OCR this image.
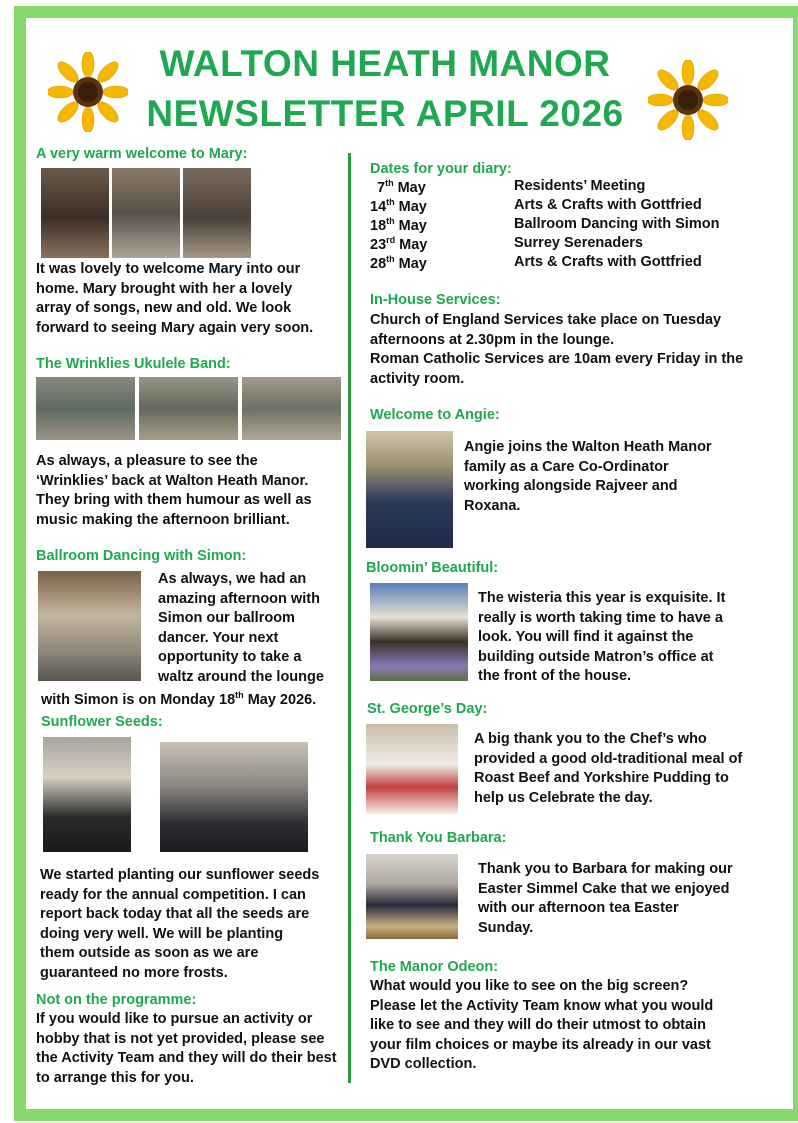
WALTON HEATH MANOR
NEWSLETTER APRIL 2026
A very warm welcome to Mary:
It was lovely to welcome Mary into our
home. Mary brought with her a lovely
array of songs, new and old. We look
forward to seeing Mary again very soon.
The Wrinklies Ukulele Band:
As always, a pleasure to see the
‘Wrinklies’ back at Walton Heath Manor.
They bring with them humour as well as
music making the afternoon brilliant.
Ballroom Dancing with Simon:
As always, we had an
amazing afternoon with
Simon our ballroom
dancer. Your next
opportunity to take a
waltz around the lounge
with Simon is on Monday 18th May 2026.
Sunflower Seeds:
We started planting our sunflower seeds
ready for the annual competition. I can
report back today that all the seeds are
doing very well. We will be planting
them outside as soon as we are
guaranteed no more frosts.
Not on the programme:
If you would like to pursue an activity or
hobby that is not yet provided, please see
the Activity Team and they will do their best
to arrange this for you.
Dates for your diary:
7th May	Residents’ Meeting
14th May	Arts & Crafts with Gottfried
18th May	Ballroom Dancing with Simon
23rd May	Surrey Serenaders
28th May	Arts & Crafts with Gottfried
In-House Services:
Church of England Services take place on Tuesday
afternoons at 2.30pm in the lounge.
Roman Catholic Services are 10am every Friday in the
activity room.
Welcome to Angie:
Angie joins the Walton Heath Manor
family as a Care Co-Ordinator
working alongside Rajveer and
Roxana.
Bloomin’ Beautiful:
The wisteria this year is exquisite. It
really is worth taking time to have a
look. You will find it against the
building outside Matron’s office at
the front of the house.
St. George’s Day:
A big thank you to the Chef’s who
provided a good old-traditional meal of
Roast Beef and Yorkshire Pudding to
help us Celebrate the day.
Thank You Barbara:
Thank you to Barbara for making our
Easter Simmel Cake that we enjoyed
with our afternoon tea Easter
Sunday.
The Manor Odeon:
What would you like to see on the big screen?
Please let the Activity Team know what you would
like to see and they will do their utmost to obtain
your film choices or maybe its already in our vast
DVD collection.
